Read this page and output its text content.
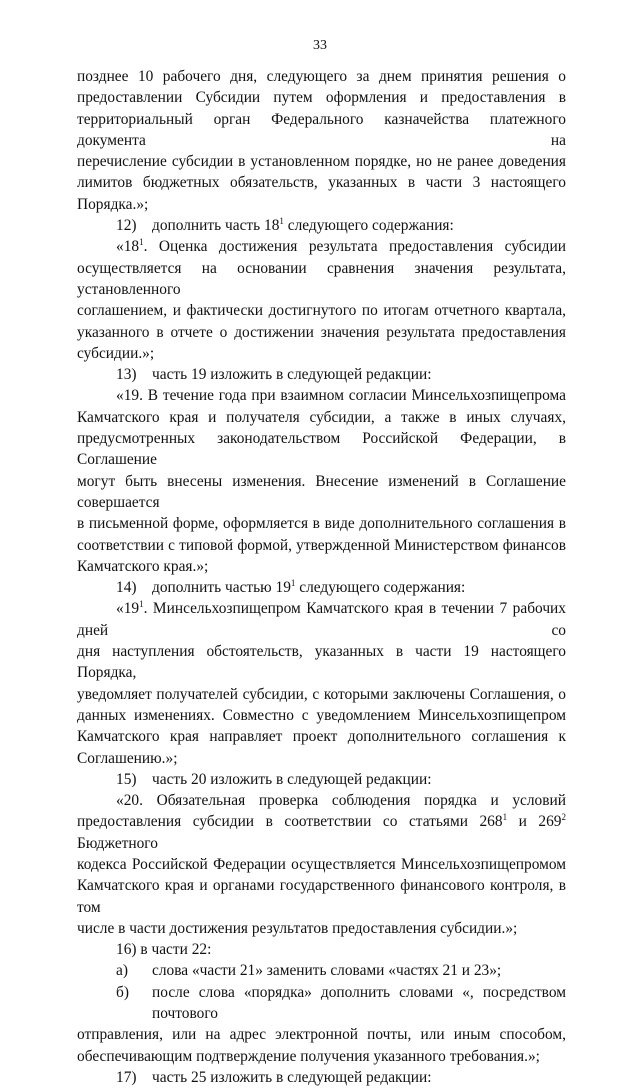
33
позднее 10 рабочего дня, следующего за днем принятия решения о
предоставлении Субсидии путем оформления и предоставления в
территориальный орган Федерального казначейства платежного документа на
перечисление субсидии в установленном порядке, но не ранее доведения
лимитов бюджетных обязательств, указанных в части 3 настоящего Порядка.»;
12)	дополнить часть $18^1$ следующего содержания:
«$18^1$. Оценка достижения результата предоставления субсидии
осуществляется на основании сравнения значения результата, установленного
соглашением, и фактически достигнутого по итогам отчетного квартала,
указанного в отчете о достижении значения результата предоставления
субсидии.»;
13)	часть 19 изложить в следующей редакции:
«19. В течение года при взаимном согласии Минсельхозпищепрома
Камчатского края и получателя субсидии, а также в иных случаях,
предусмотренных законодательством Российской Федерации, в Соглашение
могут быть внесены изменения. Внесение изменений в Соглашение совершается
в письменной форме, оформляется в виде дополнительного соглашения в
соответствии с типовой формой, утвержденной Министерством финансов
Камчатского края.»;
14)	дополнить частью $19^1$ следующего содержания:
«$19^1$. Минсельхозпищепром Камчатского края в течении 7 рабочих дней со
дня наступления обстоятельств, указанных в части 19 настоящего Порядка,
уведомляет получателей субсидии, с которыми заключены Соглашения, о
данных изменениях. Совместно с уведомлением Минсельхозпищепром
Камчатского края направляет проект дополнительного соглашения к
Соглашению.»;
15)	часть 20 изложить в следующей редакции:
«20. Обязательная проверка соблюдения порядка и условий
предоставления субсидии в соответствии со статьями $268^1$ и $269^2$ Бюджетного
кодекса Российской Федерации осуществляется Минсельхозпищепромом
Камчатского края и органами государственного финансового контроля, в том
числе в части достижения результатов предоставления субсидии.»;
16) в части 22:
а)	слова «части 21» заменить словами «частях 21 и 23»;
б)	после слова «порядка» дополнить словами «, посредством почтового
отправления, или на адрес электронной почты, или иным способом,
обеспечивающим подтверждение получения указанного требования.»;
17)	часть 25 изложить в следующей редакции:
